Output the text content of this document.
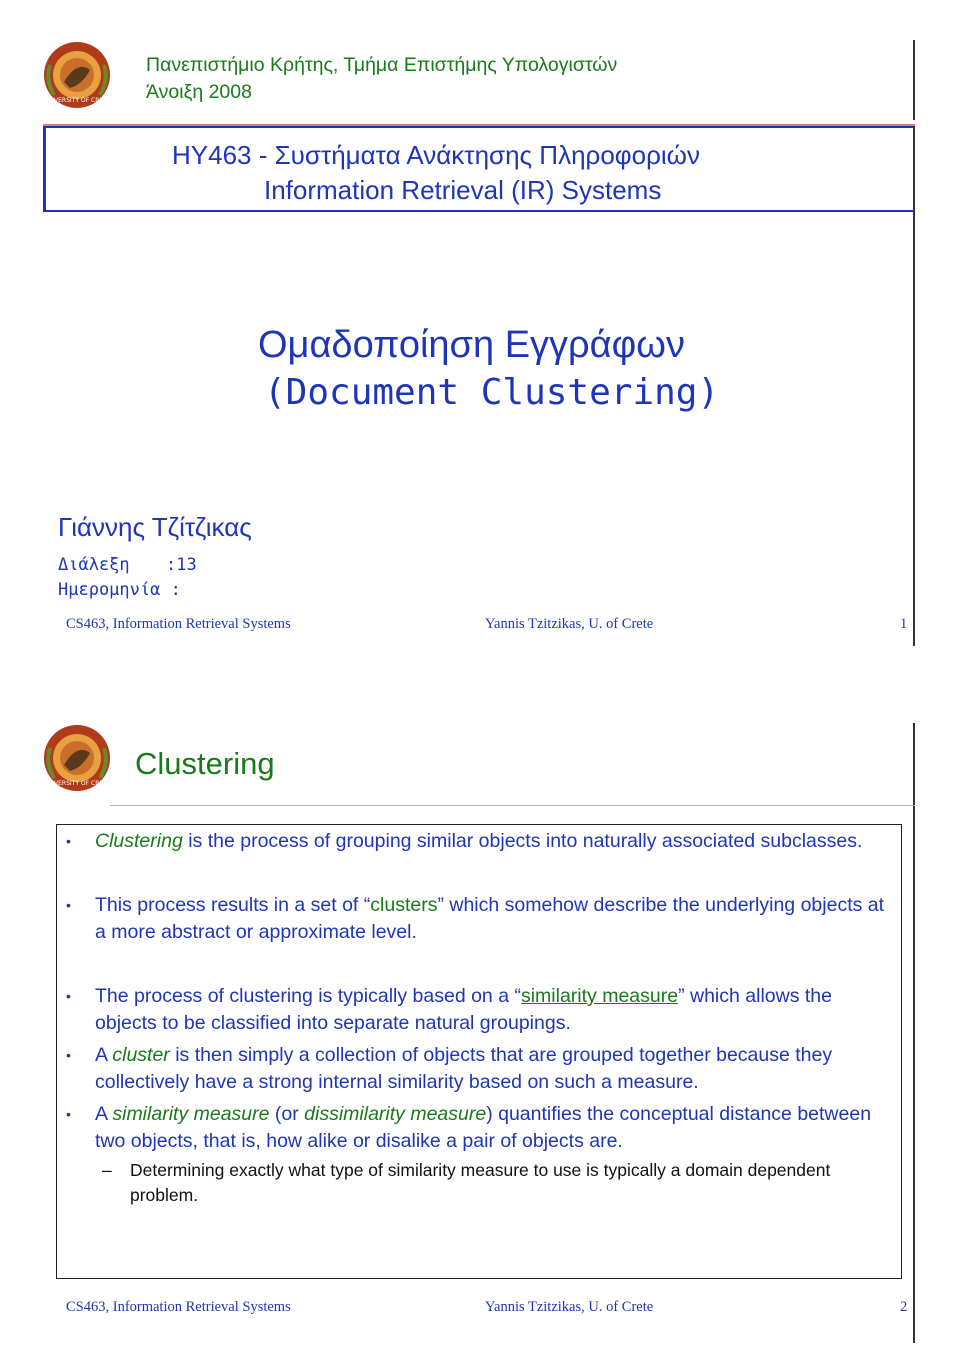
UNIVERSITY OF CRETE
Πανεπιστήμιο Κρήτης, Τμήμα Επιστήμης Υπολογιστών
Άνοιξη 2008
HY463 - Συστήματα Ανάκτησης Πληροφοριών
Information Retrieval (IR) Systems
Ομαδοποίηση Εγγράφων
(Document Clustering)
Γιάννης Τζίτζικας
Διάλεξη :13
Ημερομηνία :
CS463, Information Retrieval Systems	Yannis Tzitzikas, U. of Crete	1
UNIVERSITY OF CRETE
Clustering
• Clustering is the process of grouping similar objects into naturally associated subclasses.
• This process results in a set of “clusters” which somehow describe the underlying objects at a more abstract or approximate level.
• The process of clustering is typically based on a “similarity measure” which allows the objects to be classified into separate natural groupings.
• A cluster is then simply a collection of objects that are grouped together because they collectively have a strong internal similarity based on such a measure.
• A similarity measure (or dissimilarity measure) quantifies the conceptual distance between two objects, that is, how alike or disalike a pair of objects are.
– Determining exactly what type of similarity measure to use is typically a domain dependent problem.
CS463, Information Retrieval Systems	Yannis Tzitzikas, U. of Crete	2
